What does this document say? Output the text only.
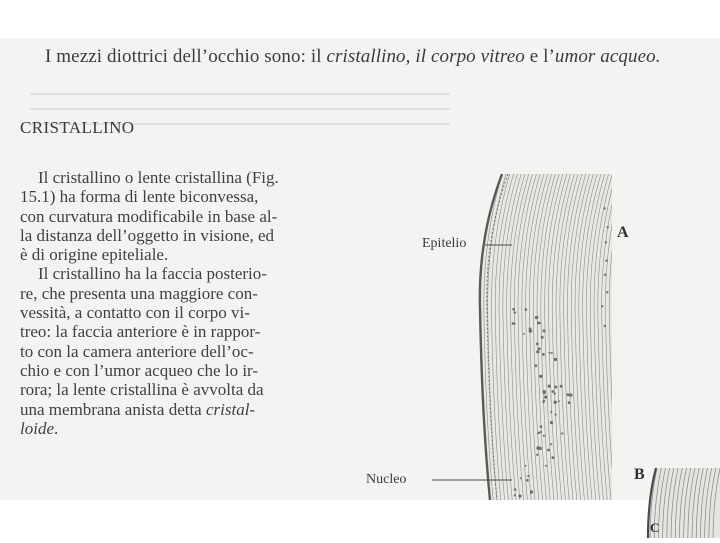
I mezzi diottrici dell’occhio sono: il cristallino, il corpo vitreo e l’umor acqueo.
CRISTALLINO
Il cristallino o lente cristallina (Fig.
15.1) ha forma di lente biconvessa,
con curvatura modificabile in base al-
la distanza dell’oggetto in visione, ed
è di origine epiteliale.
Il cristallino ha la faccia posterio-
re, che presenta una maggiore con-
vessità, a contatto con il corpo vi-
treo: la faccia anteriore è in rappor-
to con la camera anteriore dell’oc-
chio e con l’umor acqueo che lo ir-
rora; la lente cristallina è avvolta da
una membrana anista detta cristal-
loide.
Epitelio
Nucleo
A
B
C
